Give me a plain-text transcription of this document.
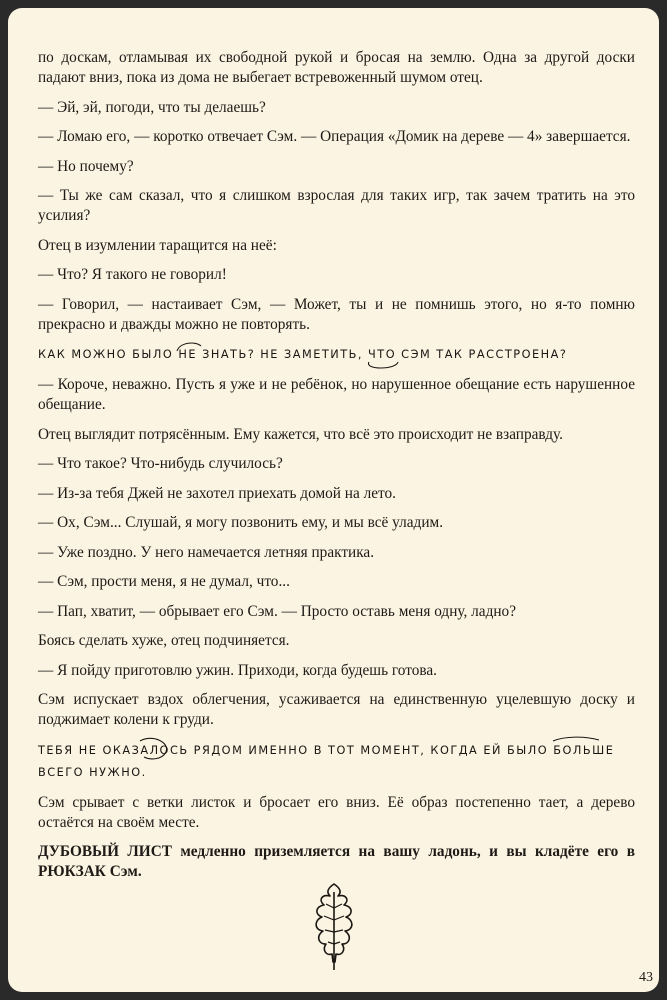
по доскам, отламывая их свободной рукой и бросая на землю. Одна за другой доски падают вниз, пока из дома не выбегает встревоженный шумом отец.

— Эй, эй, погоди, что ты делаешь?

— Ломаю его, — коротко отвечает Сэм. — Операция «Домик на дереве — 4» завершается.

— Но почему?

— Ты же сам сказал, что я слишком взрослая для таких игр, так зачем тратить на это усилия?

Отец в изумлении таращится на неё:

— Что? Я такого не говорил!

— Говорил, — настаивает Сэм, — Может, ты и не помнишь этого, но я-то помню прекрасно и дважды можно не повторять.

КАК МОЖНО БЫЛО
НЕ ЗНАТЬ? НЕ ЗАМЕТИТЬ,
ЧТО СЭМ ТАК РАССТРОЕНА?

— Короче, неважно. Пусть я уже и не ребёнок, но нарушенное обещание есть нарушенное обещание.

Отец выглядит потрясённым. Ему кажется, что всё это происходит не взаправду.

— Что такое? Что-нибудь случилось?

— Из-за тебя Джей не захотел приехать домой на лето.

— Ох, Сэм... Слушай, я могу позвонить ему, и мы всё уладим.

— Уже поздно. У него намечается летняя практика.

— Сэм, прости меня, я не думал, что...

— Пап, хватит, — обрывает его Сэм. — Просто оставь меня одну, ладно?

Боясь сделать хуже, отец подчиняется.

— Я пойду приготовлю ужин. Приходи, когда будешь готова.

Сэм испускает вздох облегчения, усаживается на единственную уцелевшую доску и поджимает колени к груди.

ТЕБЯ НЕ
ОКАЗАЛОСЬ РЯДОМ ИМЕННО В ТОТ МОМЕНТ, КОГДА ЕЙ БЫЛО
БОЛЬШЕ ВСЕГО НУЖНО.

Сэм срывает с ветки листок и бросает его вниз. Её образ постепенно тает, а дерево остаётся на своём месте.

ДУБОВЫЙ ЛИСТ медленно приземляется на вашу ладонь, и вы кладёте его в РЮКЗАК Сэм.

43
